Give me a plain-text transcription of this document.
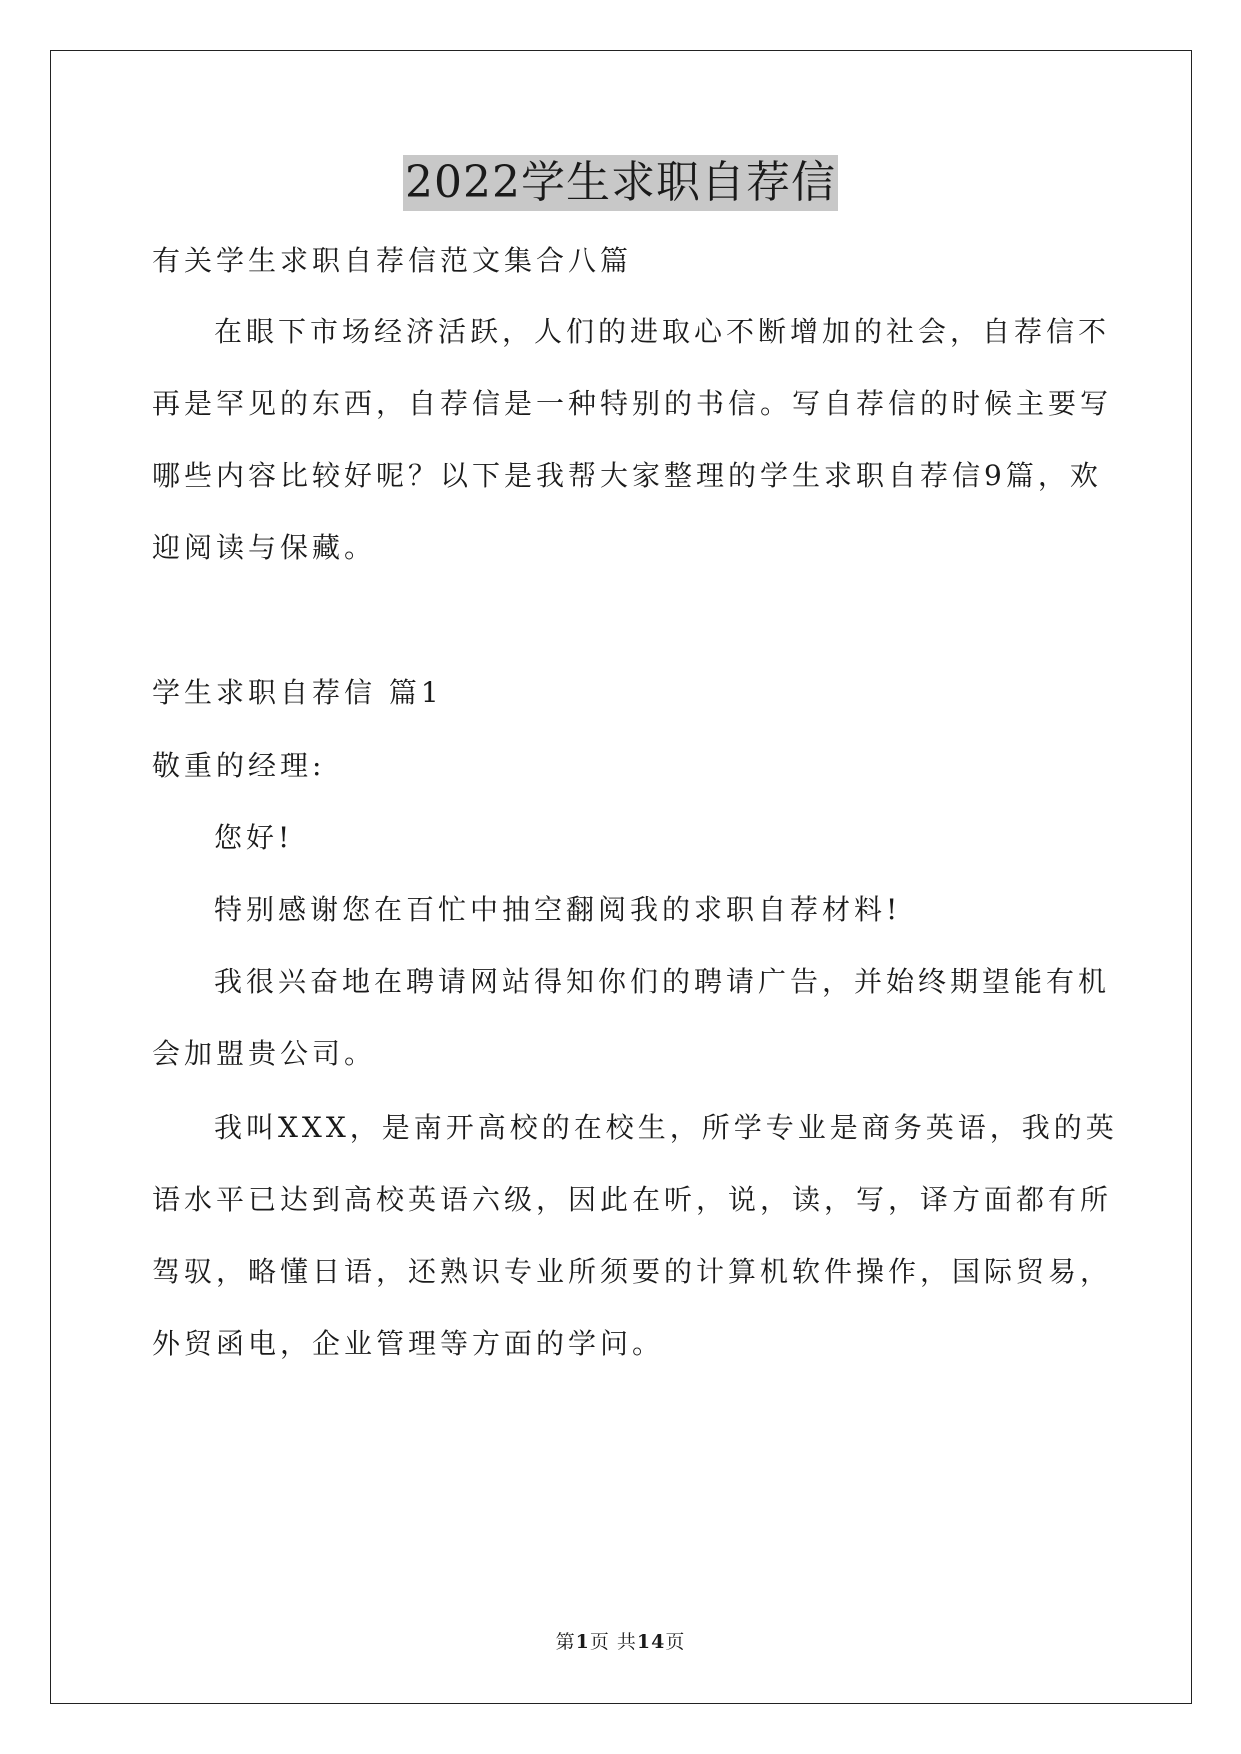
2022学生求职自荐信
有关学生求职自荐信范文集合八篇
在眼下市场经济活跃，人们的进取心不断增加的社会，自荐信不
再是罕见的东西，自荐信是一种特别的书信。写自荐信的时候主要写
哪些内容比较好呢？以下是我帮大家整理的学生求职自荐信9篇，欢
迎阅读与保藏。
学生求职自荐信 篇1
敬重的经理:
您好!
特别感谢您在百忙中抽空翻阅我的求职自荐材料!
我很兴奋地在聘请网站得知你们的聘请广告，并始终期望能有机
会加盟贵公司。
我叫XXX，是南开高校的在校生，所学专业是商务英语，我的英
语水平已达到高校英语六级，因此在听，说，读，写，译方面都有所
驾驭，略懂日语，还熟识专业所须要的计算机软件操作，国际贸易，
外贸函电，企业管理等方面的学问。
第1页 共14页
